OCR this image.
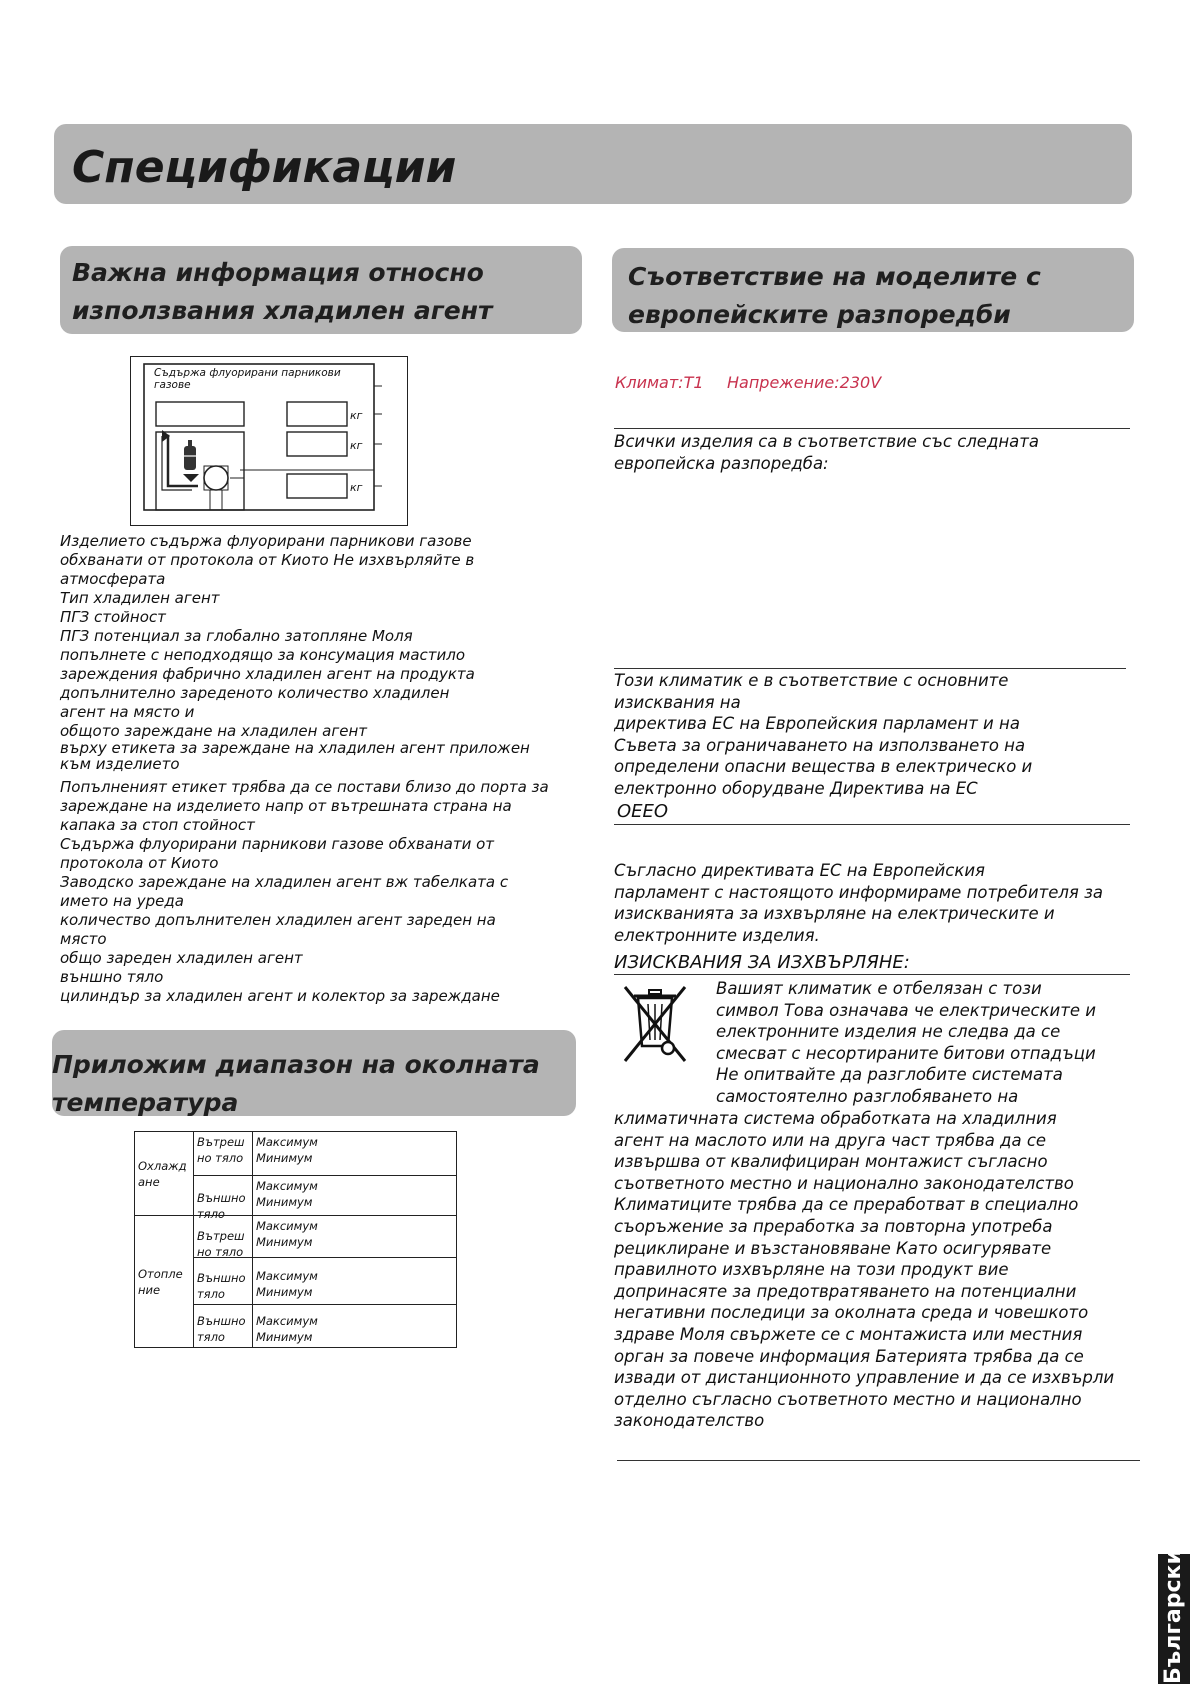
Спецификации
Важна информация относно
използвания хладилен агент
Съдържа флуорирани парникови
газове
кг
кг
кг
Изделието съдържа флуорирани парникови газове
обхванати от протокола от Киото Не изхвърляйте в
атмосферата
Тип хладилен агент
ПГЗ стойност
ПГЗ потенциал за глобално затопляне Моля
попълнете с неподходящо за консумация мастило
зареждения фабрично хладилен агент на продукта
допълнително зареденото количество хладилен
агент на място и
общото зареждане на хладилен агент
върху етикета за зареждане на хладилен агент приложен
към изделието
Попълненият етикет трябва да се постави близо до порта за
зареждане на изделието напр от вътрешната страна на
капака за стоп стойност
Съдържа флуорирани парникови газове обхванати от
протокола от Киото
Заводско зареждане на хладилен агент вж табелката с
името на уреда
количество допълнителен хладилен агент зареден на
място
общо зареден хладилен агент
външно тяло
цилиндър за хладилен агент и колектор за зареждане
Приложим диапазон на околната
температура
Охлажд ане	Вътреш но тяло	Максимум
Минимум

	Външно тяло	Максимум
Минимум

Отопле ние	Вътреш но тяло	Максимум
Минимум

	Външно тяло	Максимум
Минимум

	Външно тяло	Максимум
Минимум
Съответствие на моделите с
европейските разпоредби
Климат:Т1 Напрежение:230V
Всички изделия са в съответствие със следната
европейска разпоредба:
Този климатик е в съответствие с основните
изисквания на
директива ЕС на Европейския парламент и на
Съвета за ограничаването на използването на
определени опасни вещества в електрическо и
електронно оборудване Директива на ЕС
ОЕЕО
Съгласно директивата ЕС на Европейския
парламент с настоящото информираме потребителя за
изискванията за изхвърляне на електрическите и
електронните изделия.
ИЗИСКВАНИЯ ЗА ИЗХВЪРЛЯНЕ:
Вашият климатик е отбелязан с този
символ Това означава че електрическите и
електронните изделия не следва да се
смесват с несортираните битови отпадъци
Не опитвайте да разглобите системата
самостоятелно разглобяването на
климатичната система обработката на хладилния
агент на маслото или на друга част трябва да се
извършва от квалифициран монтажист съгласно
съответното местно и национално законодателство
Климатиците трябва да се преработват в специално
съоръжение за преработка за повторна употреба
рециклиране и възстановяване Като осигурявате
правилното изхвърляне на този продукт вие
допринасяте за предотвратяването на потенциални
негативни последици за околната среда и човешкото
здраве Моля свържете се с монтажиста или местния
орган за повече информация Батерията трябва да се
извади от дистанционното управление и да се изхвърли
отделно съгласно съответното местно и национално
законодателство
Български
